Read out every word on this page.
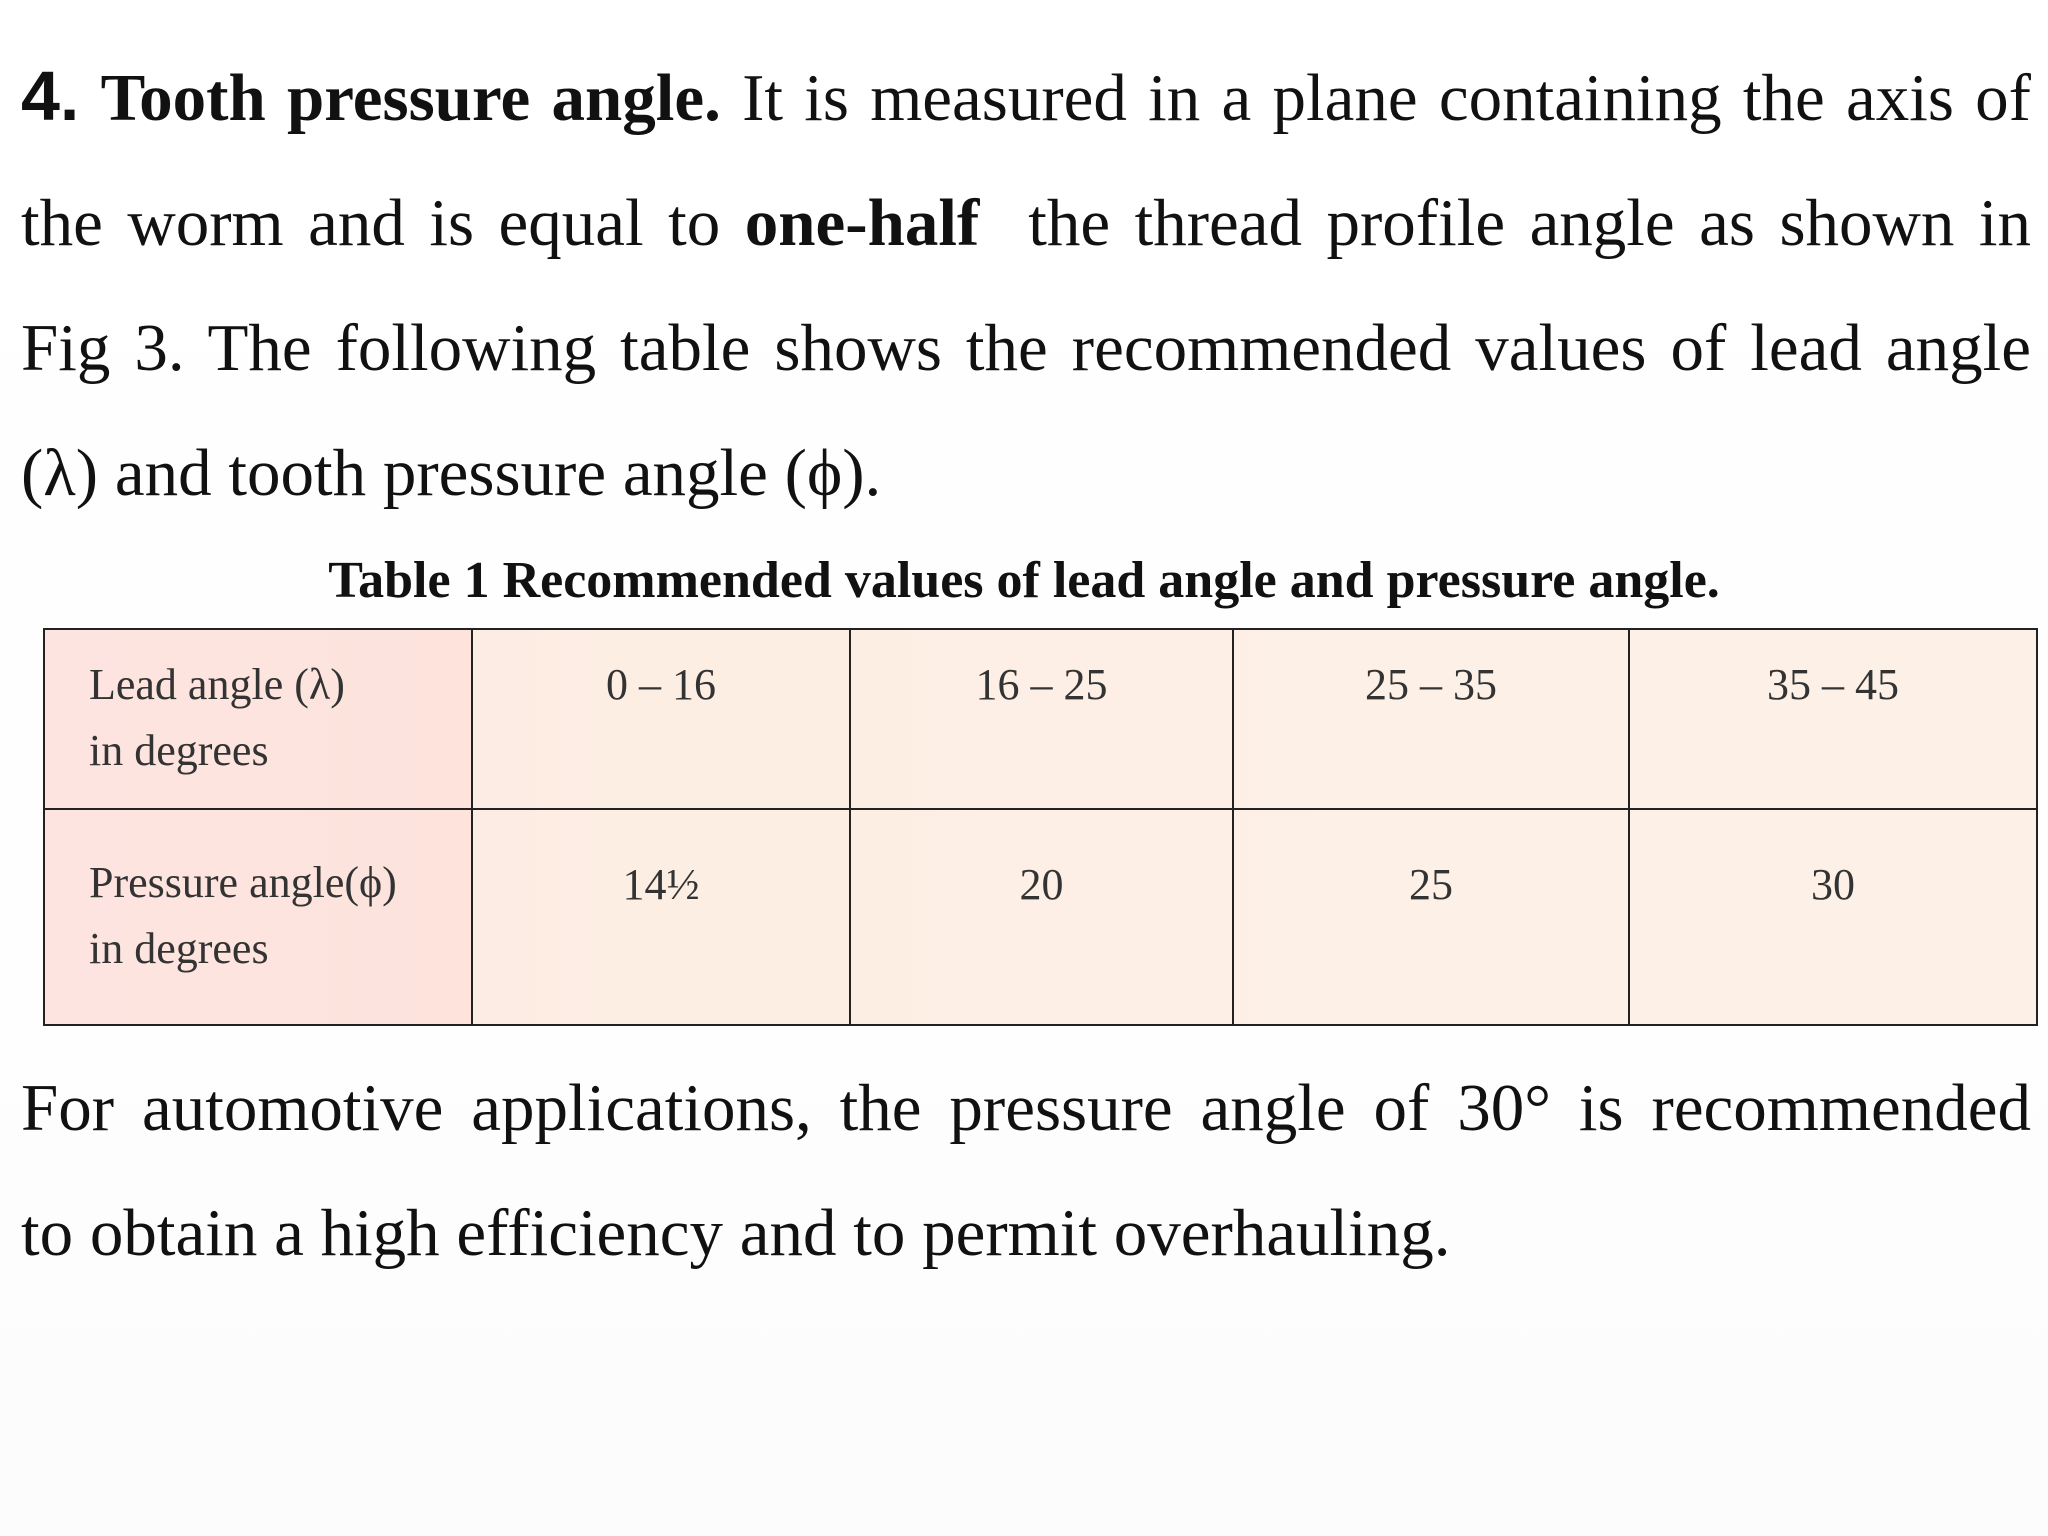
4. Tooth pressure angle. It is measured in a plane containing the axis of
the worm and is equal to one-half the thread profile angle as shown in
Fig 3. The following table shows the recommended values of lead angle
(λ) and tooth pressure angle (ϕ).

Table 1 Recommended values of lead angle and pressure angle.

Lead angle (λ)
in degrees	0 – 16	16 – 25	25 – 35	35 – 45

Pressure angle(ϕ)
in degrees	14½	20	25	30
For automotive applications, the pressure angle of 30° is recommended
to obtain a high efficiency and to permit overhauling.
